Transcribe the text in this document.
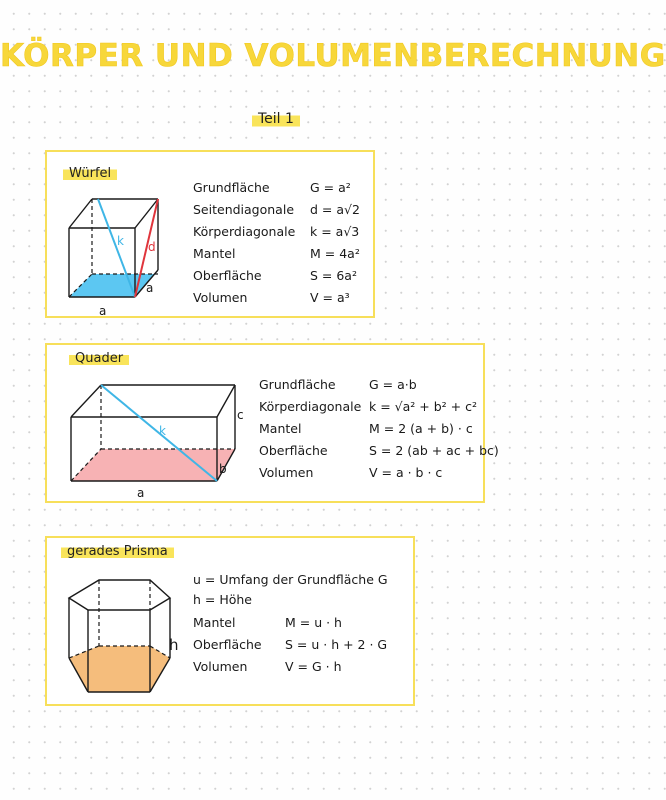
KÖRPER UND VOLUMENBERECHNUNG
Teil 1
Würfel
k d
a
a
Grundfläche	G = a²
Seitendiagonale d = a√2
Körperdiagonale k = a√3
Mantel	M = 4a²
Oberfläche	S = 6a²
Volumen	V = a³
Quader
k
a
b
c
Grundfläche	G = a·b
Körperdiagonale k = √a² + b² + c²
Mantel	M = 2 (a + b) · c
Oberfläche	S = 2 (ab + ac + bc)
Volumen	V = a · b · c
gerades Prisma
h
u = Umfang der Grundfläche G
h = Höhe
Mantel	M = u · h
Oberfläche S = u · h + 2 · G
Volumen	V = G · h
